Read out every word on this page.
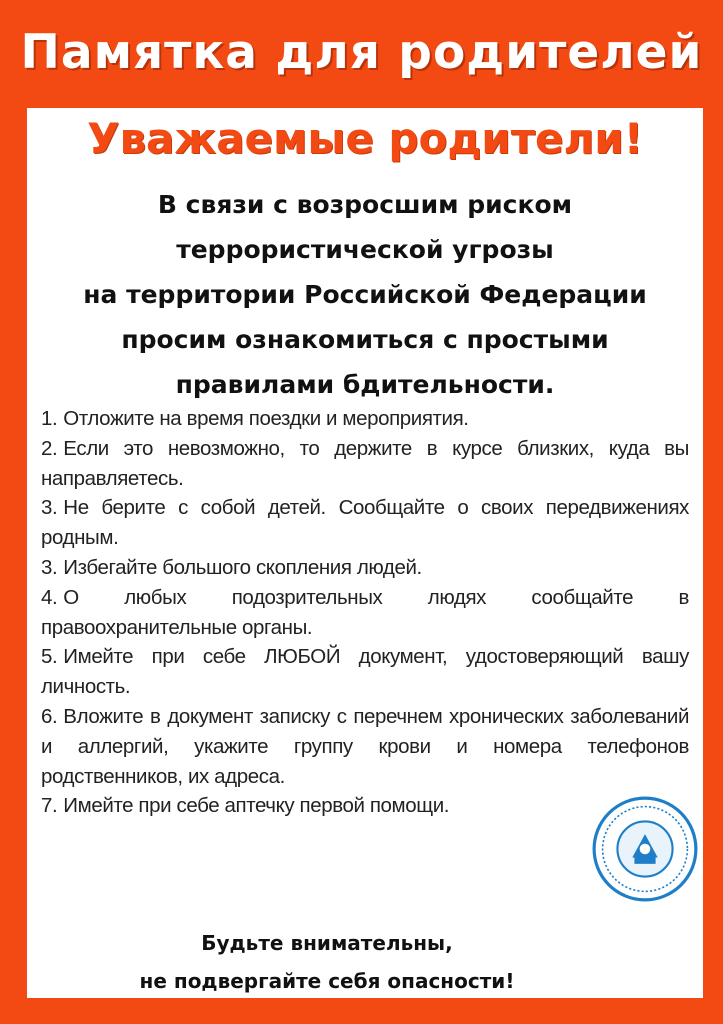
Памятка для родителей
Уважаемые родители!
В связи с возросшим риском
террористической угрозы
на территории Российской Федерации
просим ознакомиться с простыми
правилами бдительности.
1. Отложите на время поездки и мероприятия.
2. Если это невозможно, то держите в курсе близких, куда вы направляетесь.
3. Не берите с собой детей. Сообщайте о своих передвижениях родным.
3. Избегайте большого скопления людей.
4. О любых подозрительных людях сообщайте в правоохранительные органы.
5. Имейте при себе ЛЮБОЙ документ, удостоверяющий вашу личность.
6. Вложите в документ записку с перечнем хронических заболеваний и аллергий, укажите группу крови и номера телефонов родственников, их адреса.
7. Имейте при себе аптечку первой помощи.
Будьте внимательны,
не подвергайте себя опасности!
